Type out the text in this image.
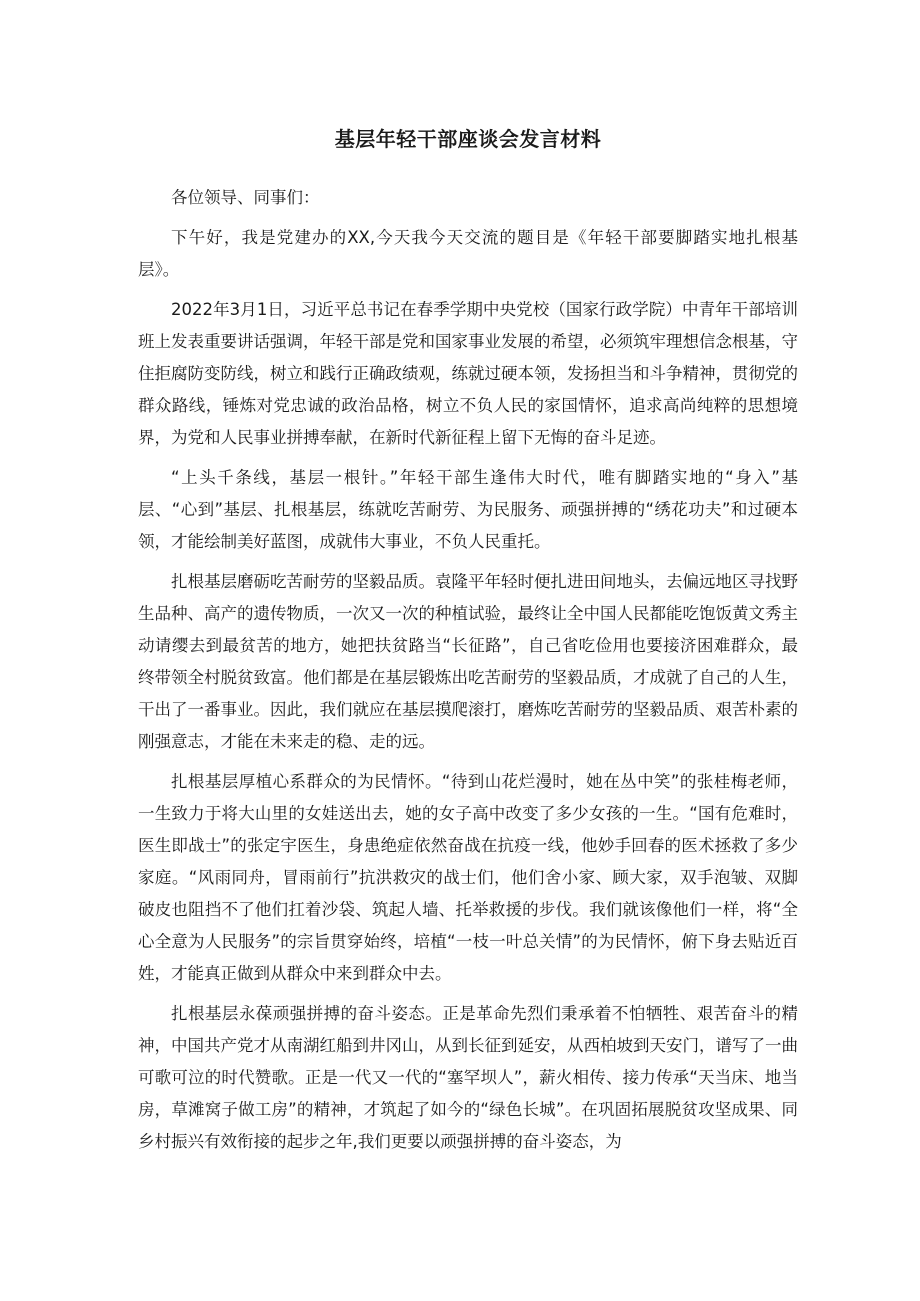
基层年轻干部座谈会发言材料
各位领导、同事们：
下午好，我是党建办的XX,今天我今天交流的题目是《年轻干部要脚踏实地扎根基层》。
2022年3月1日，习近平总书记在春季学期中央党校（国家行政学院）中青年干部培训班上发表重要讲话强调，年轻干部是党和国家事业发展的希望，必须筑牢理想信念根基，守住拒腐防变防线，树立和践行正确政绩观，练就过硬本领，发扬担当和斗争精神，贯彻党的群众路线，锤炼对党忠诚的政治品格，树立不负人民的家国情怀，追求高尚纯粹的思想境界，为党和人民事业拼搏奉献，在新时代新征程上留下无悔的奋斗足迹。
“上头千条线，基层一根针。”年轻干部生逢伟大时代，唯有脚踏实地的“身入”基层、“心到”基层、扎根基层，练就吃苦耐劳、为民服务、顽强拼搏的“绣花功夫”和过硬本领，才能绘制美好蓝图，成就伟大事业，不负人民重托。
扎根基层磨砺吃苦耐劳的坚毅品质。袁隆平年轻时便扎进田间地头，去偏远地区寻找野生品种、高产的遗传物质，一次又一次的种植试验，最终让全中国人民都能吃饱饭黄文秀主动请缨去到最贫苦的地方，她把扶贫路当“长征路”，自己省吃俭用也要接济困难群众，最终带领全村脱贫致富。他们都是在基层锻炼出吃苦耐劳的坚毅品质，才成就了自己的人生，干出了一番事业。因此，我们就应在基层摸爬滚打，磨炼吃苦耐劳的坚毅品质、艰苦朴素的刚强意志，才能在未来走的稳、走的远。
扎根基层厚植心系群众的为民情怀。“待到山花烂漫时，她在丛中笑”的张桂梅老师，一生致力于将大山里的女娃送出去，她的女子高中改变了多少女孩的一生。“国有危难时，医生即战士”的张定宇医生，身患绝症依然奋战在抗疫一线，他妙手回春的医术拯救了多少家庭。“风雨同舟，冒雨前行”抗洪救灾的战士们，他们舍小家、顾大家，双手泡皱、双脚破皮也阻挡不了他们扛着沙袋、筑起人墙、托举救援的步伐。我们就该像他们一样，将“全心全意为人民服务”的宗旨贯穿始终，培植“一枝一叶总关情”的为民情怀，俯下身去贴近百姓，才能真正做到从群众中来到群众中去。
扎根基层永葆顽强拼搏的奋斗姿态。正是革命先烈们秉承着不怕牺牲、艰苦奋斗的精神，中国共产党才从南湖红船到井冈山，从到长征到延安，从西柏坡到天安门，谱写了一曲可歌可泣的时代赞歌。正是一代又一代的“塞罕坝人”，薪火相传、接力传承“天当床、地当房，草滩窝子做工房”的精神，才筑起了如今的“绿色长城”。在巩固拓展脱贫攻坚成果、同乡村振兴有效衔接的起步之年,我们更要以顽强拼搏的奋斗姿态，为
